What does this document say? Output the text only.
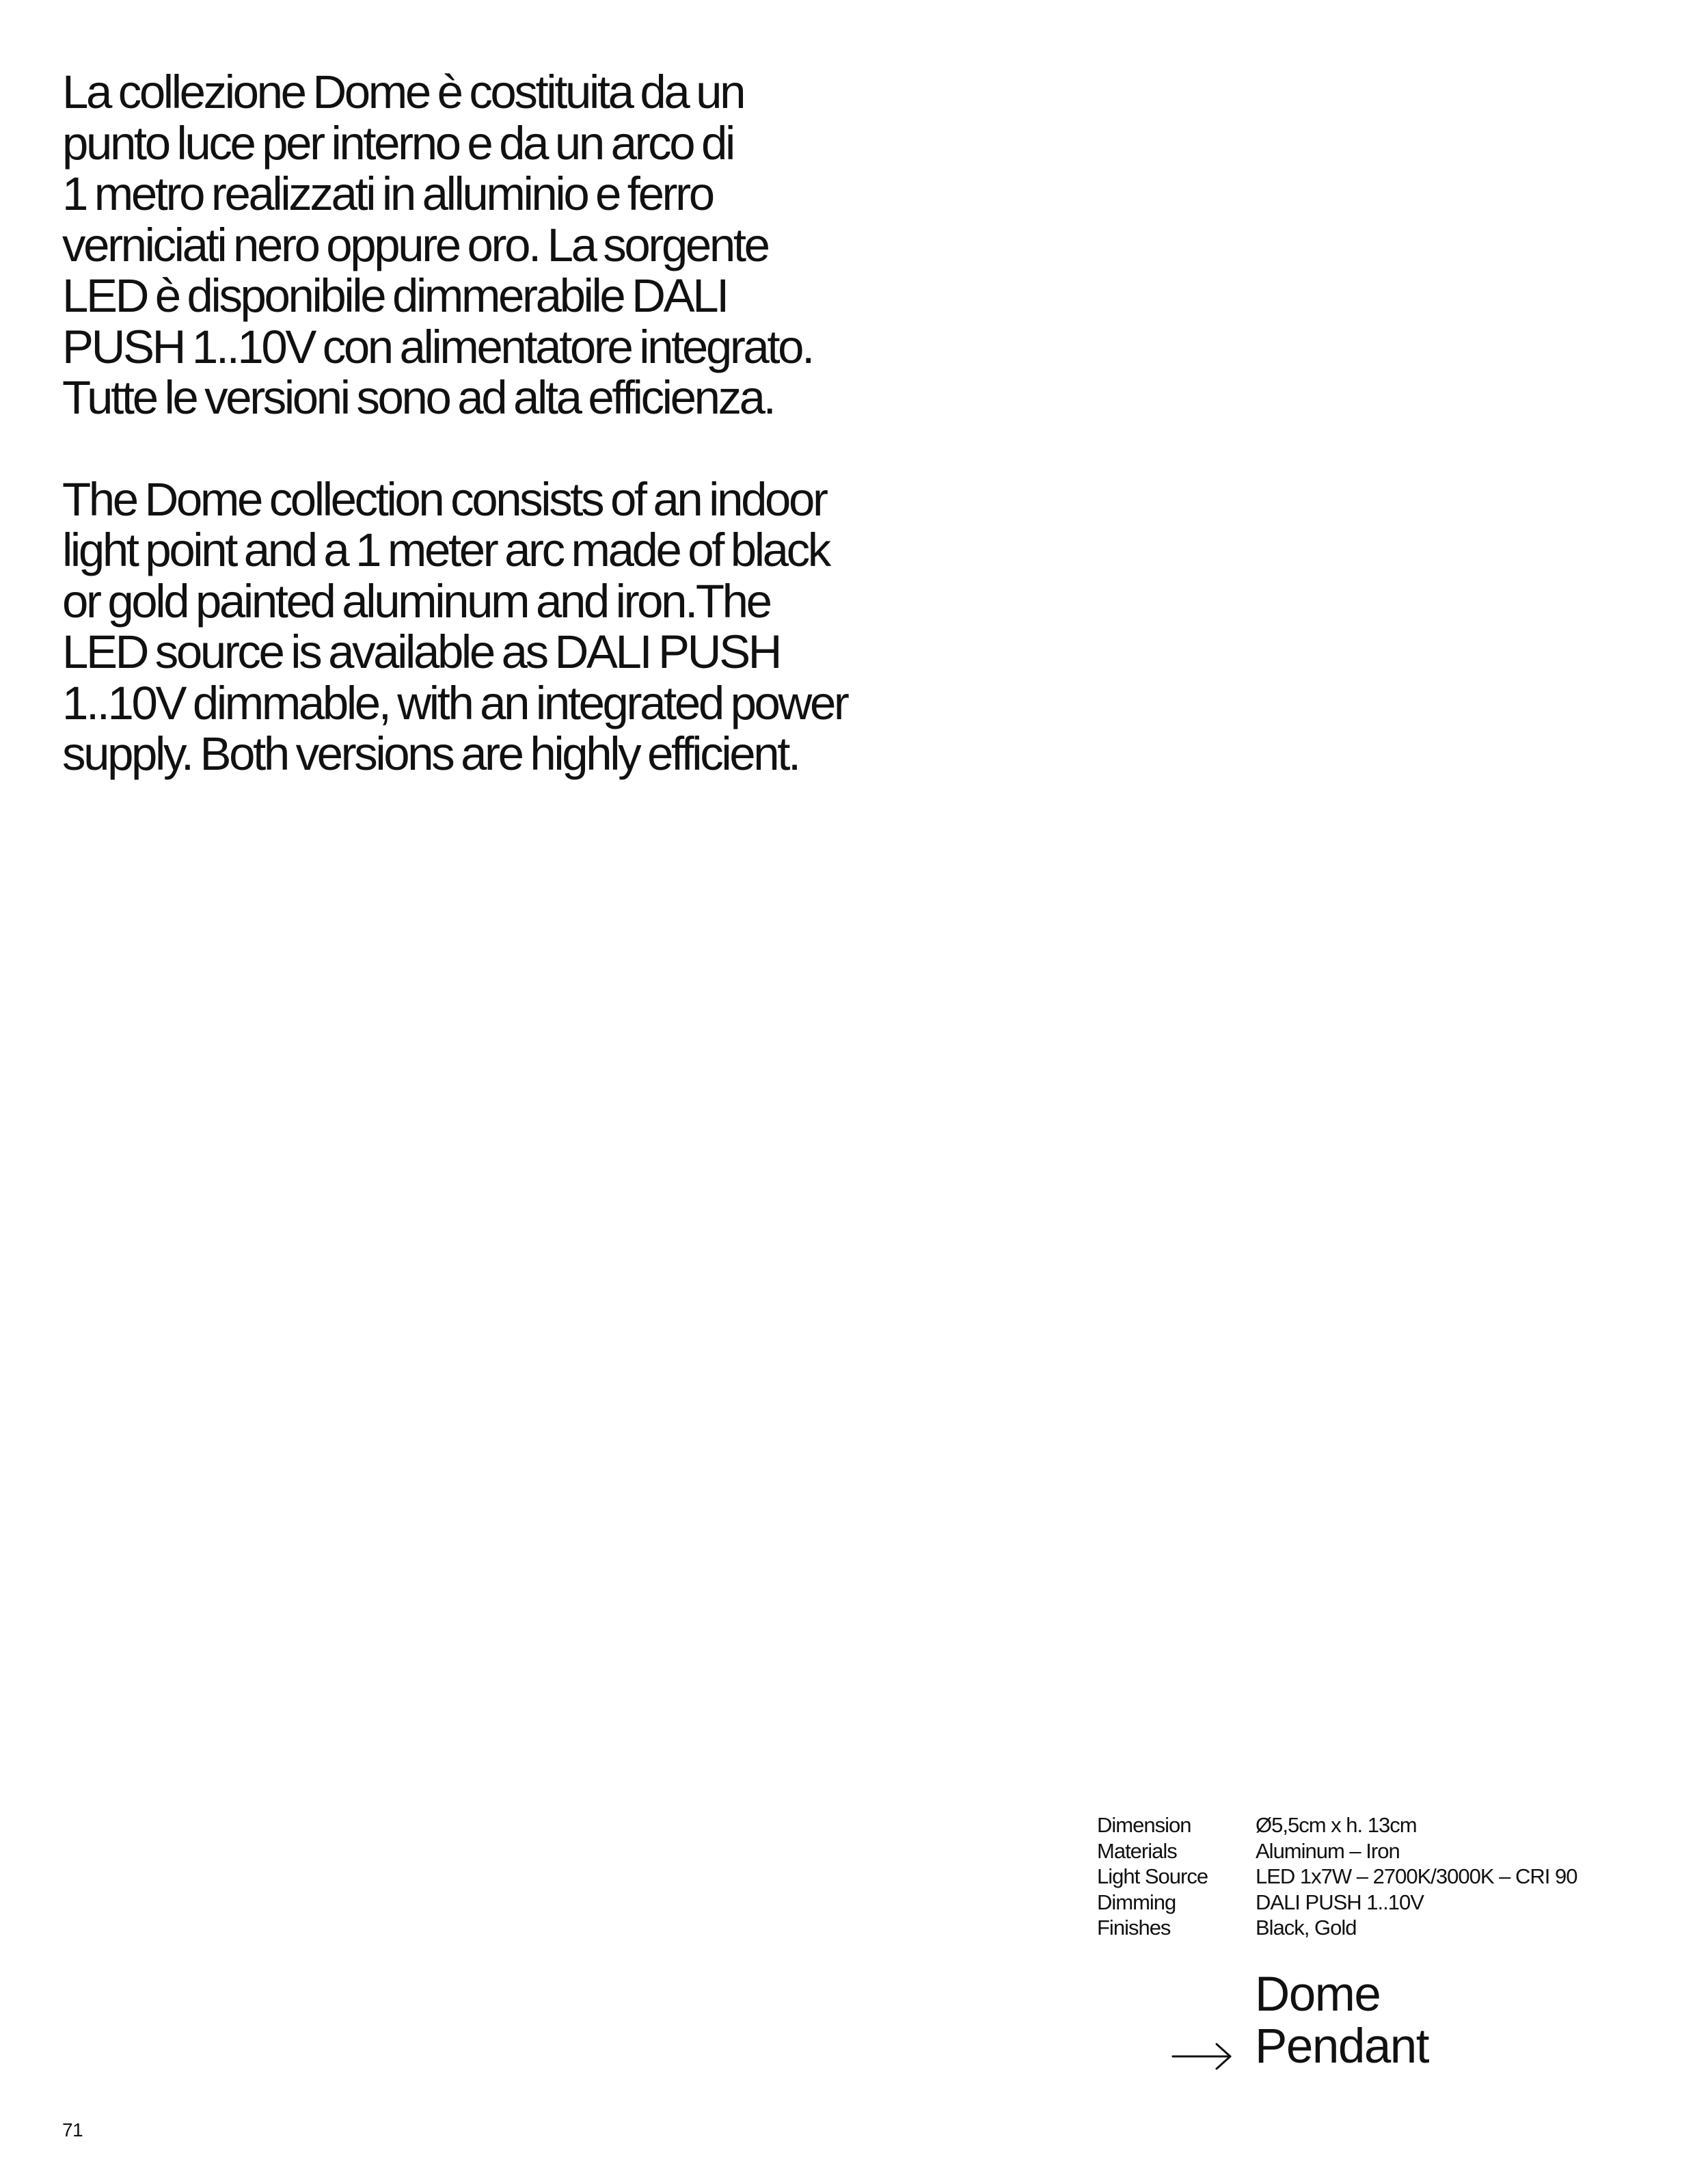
La collezione Dome è costituita da un
punto luce per interno e da un arco di
1 metro realizzati in alluminio e ferro
verniciati nero oppure oro. La sorgente
LED è disponibile dimmerabile DALI
PUSH 1..10V con alimentatore integrato.
Tutte le versioni sono ad alta efficienza.

The Dome collection consists of an indoor
light point and a 1 meter arc made of black
or gold painted aluminum and iron.The
LED source is available as DALI PUSH
1..10V dimmable, with an integrated power
supply. Both versions are highly efficient.

Dimension	Ø5,5cm x h. 13cm
Materials	Aluminum – Iron
Light Source	LED 1x7W – 2700K/3000K – CRI 90
Dimming	DALI PUSH 1..10V
Finishes	Black, Gold
Dome
Pendant
71
